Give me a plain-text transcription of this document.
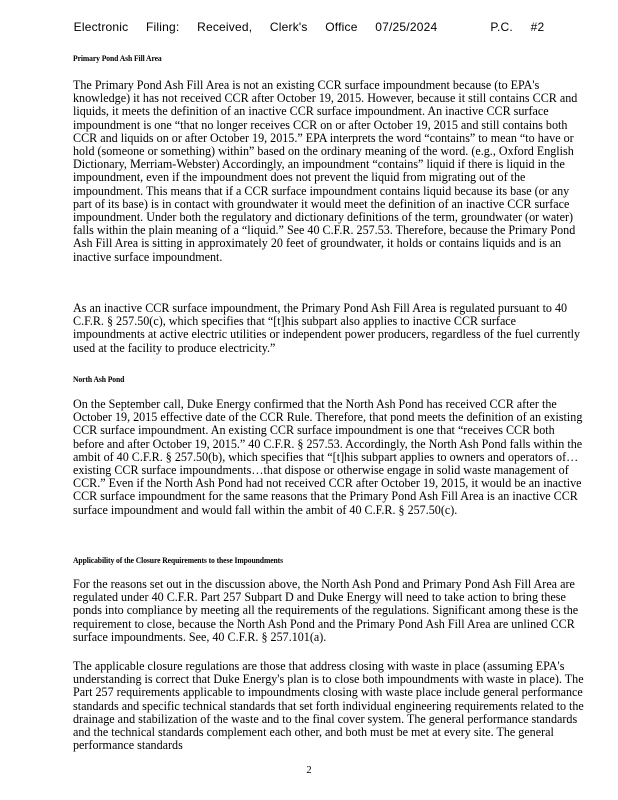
Electronic     Filing:     Received,     Clerk's     Office     07/25/2024               P.C.     #2
Primary Pond Ash Fill Area

The Primary Pond Ash Fill Area is not an existing CCR surface impoundment because (to EPA's knowledge) it has not received CCR after October 19, 2015. However, because it still contains CCR and liquids, it meets the definition of an inactive CCR surface impoundment. An inactive CCR surface impoundment is one “that no longer receives CCR on or after October 19, 2015 and still contains both CCR and liquids on or after October 19, 2015.” EPA interprets the word “contains” to mean “to have or hold (someone or something) within” based on the ordinary meaning of the word. (e.g., Oxford English Dictionary, Merriam-Webster) Accordingly, an impoundment “contains” liquid if there is liquid in the impoundment, even if the impoundment does not prevent the liquid from migrating out of the impoundment. This means that if a CCR surface impoundment contains liquid because its base (or any part of its base) is in contact with groundwater it would meet the definition of an inactive CCR surface impoundment. Under both the regulatory and dictionary definitions of the term, groundwater (or water) falls within the plain meaning of a “liquid.” See 40 C.F.R. 257.53. Therefore, because the Primary Pond Ash Fill Area is sitting in approximately 20 feet of groundwater, it holds or contains liquids and is an inactive surface impoundment.

As an inactive CCR surface impoundment, the Primary Pond Ash Fill Area is regulated pursuant to 40 C.F.R. § 257.50(c), which specifies that “[t]his subpart also applies to inactive CCR surface impoundments at active electric utilities or independent power producers, regardless of the fuel currently used at the facility to produce electricity.”

North Ash Pond

On the September call, Duke Energy confirmed that the North Ash Pond has received CCR after the October 19, 2015 effective date of the CCR Rule. Therefore, that pond meets the definition of an existing CCR surface impoundment. An existing CCR surface impoundment is one that “receives CCR both before and after October 19, 2015.” 40 C.F.R. § 257.53. Accordingly, the North Ash Pond falls within the ambit of 40 C.F.R. § 257.50(b), which specifies that “[t]his subpart applies to owners and operators of…existing CCR surface impoundments…that dispose or otherwise engage in solid waste management of CCR.” Even if the North Ash Pond had not received CCR after October 19, 2015, it would be an inactive CCR surface impoundment for the same reasons that the Primary Pond Ash Fill Area is an inactive CCR surface impoundment and would fall within the ambit of 40 C.F.R. § 257.50(c).

Applicability of the Closure Requirements to these Impoundments

For the reasons set out in the discussion above, the North Ash Pond and Primary Pond Ash Fill Area are regulated under 40 C.F.R. Part 257 Subpart D and Duke Energy will need to take action to bring these ponds into compliance by meeting all the requirements of the regulations. Significant among these is the requirement to close, because the North Ash Pond and the Primary Pond Ash Fill Area are unlined CCR surface impoundments. See, 40 C.F.R. § 257.101(a).

The applicable closure regulations are those that address closing with waste in place (assuming EPA's understanding is correct that Duke Energy's plan is to close both impoundments with waste in place). The Part 257 requirements applicable to impoundments closing with waste place include general performance standards and specific technical standards that set forth individual engineering requirements related to the drainage and stabilization of the waste and to the final cover system. The general performance standards and the technical standards complement each other, and both must be met at every site. The general performance standards

2
